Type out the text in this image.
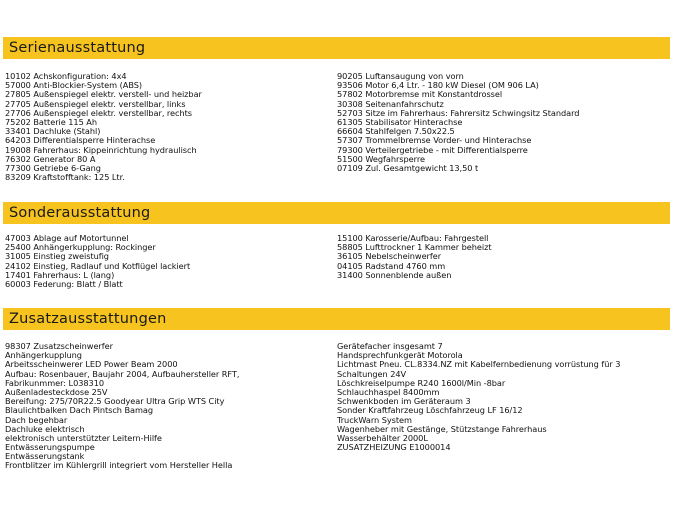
Serienausstattung
10102 Achskonfiguration: 4x4
57000 Anti-Blockier-System (ABS)
27805 Außenspiegel elektr. verstell- und heizbar
27705 Außenspiegel elektr. verstellbar, links
27706 Außenspiegel elektr. verstellbar, rechts
75202 Batterie 115 Ah
33401 Dachluke (Stahl)
64203 Differentialsperre Hinterachse
19008 Fahrerhaus: Kippeinrichtung hydraulisch
76302 Generator 80 A
77300 Getriebe 6-Gang
83209 Kraftstofftank: 125 Ltr.
90205 Luftansaugung von vorn
93506 Motor 6,4 Ltr. - 180 kW Diesel (OM 906 LA)
57802 Motorbremse mit Konstantdrossel
30308 Seitenanfahrschutz
52703 Sitze im Fahrerhaus: Fahrersitz Schwingsitz Standard
61305 Stabilisator Hinterachse
66604 Stahlfelgen 7.50x22.5
57307 Trommelbremse Vorder- und Hinterachse
79300 Verteilergetriebe - mit Differentialsperre
51500 Wegfahrsperre
07109 Zul. Gesamtgewicht 13,50 t
Sonderausstattung
47003 Ablage auf Motortunnel
25400 Anhängerkupplung: Rockinger
31005 Einstieg zweistufig
24102 Einstieg, Radlauf und Kotflügel lackiert
17401 Fahrerhaus: L (lang)
60003 Federung: Blatt / Blatt
15100 Karosserie/Aufbau: Fahrgestell
58805 Lufttrockner 1 Kammer beheizt
36105 Nebelscheinwerfer
04105 Radstand 4760 mm
31400 Sonnenblende außen
Zusatzausstattungen
98307 Zusatzscheinwerfer
Anhängerkupplung
Arbeitsscheinwerer LED Power Beam 2000
Aufbau: Rosenbauer, Baujahr 2004, Aufbauhersteller RFT,
Fabrikunmmer: L038310
Außenladesteckdose 25V
Bereifung: 275/70R22.5 Goodyear Ultra Grip WTS City
Blaulichtbalken Dach Pintsch Bamag
Dach begehbar
Dachluke elektrisch
elektronisch unterstützter Leitern-Hilfe
Entwässerungspumpe
Entwässerungstank
Frontblitzer im Kühlergrill integriert vom Hersteller Hella
Gerätefacher insgesamt 7
Handsprechfunkgerät Motorola
Lichtmast Pneu. CL.8334.NZ mit Kabelfernbedienung vorrüstung für 3
Schaltungen 24V
Löschkreiselpumpe R240 1600l/Min -8bar
Schlauchhaspel 8400mm
Schwenkboden im Geräteraum 3
Sonder Kraftfahrzeug Löschfahrzeug LF 16/12
TruckWarn System
Wagenheber mit Gestänge, Stützstange Fahrerhaus
Wasserbehälter 2000L
ZUSATZHEIZUNG E1000014
